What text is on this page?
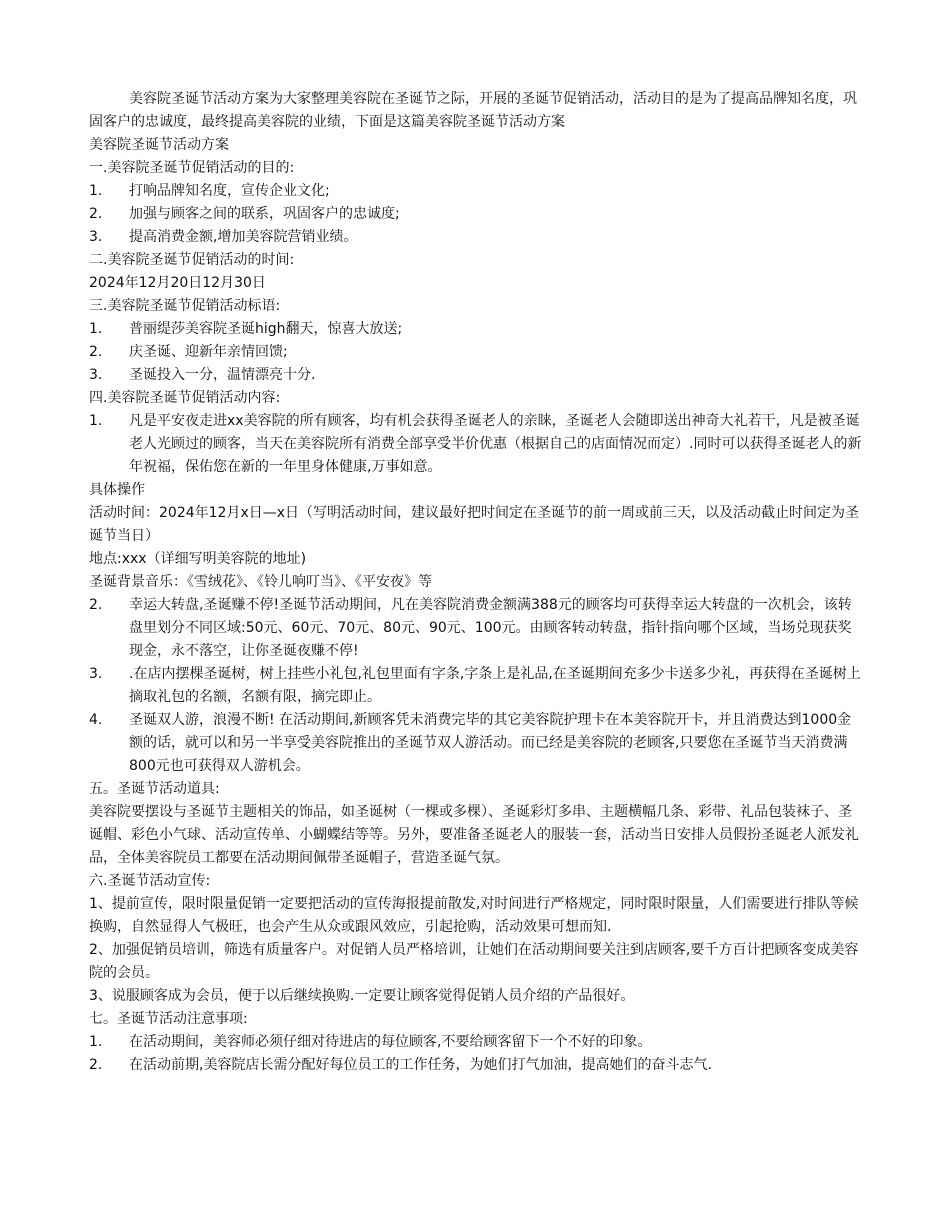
美容院圣诞节活动方案为大家整理美容院在圣诞节之际，开展的圣诞节促销活动，活动目的是为了提高品牌知名度，巩固客户的忠诚度，最终提高美容院的业绩，下面是这篇美容院圣诞节活动方案

美容院圣诞节活动方案

一.美容院圣诞节促销活动的目的:

1.	打响品牌知名度，宣传企业文化;
2.	加强与顾客之间的联系，巩固客户的忠诚度;
3.	提高消费金额,增加美容院营销业绩。

二.美容院圣诞节促销活动的时间:

2024年12月20日12月30日

三.美容院圣诞节促销活动标语:

1.	普丽缇莎美容院圣诞high翻天，惊喜大放送;
2.	庆圣诞、迎新年亲情回馈;
3.	圣诞投入一分，温情漂亮十分.

四.美容院圣诞节促销活动内容:

1.	凡是平安夜走进xx美容院的所有顾客，均有机会获得圣诞老人的亲睐，圣诞老人会随即送出神奇大礼若干，凡是被圣诞老人光顾过的顾客，当天在美容院所有消费全部享受半价优惠（根据自己的店面情况而定）.同时可以获得圣诞老人的新年祝福，保佑您在新的一年里身体健康,万事如意。

具体操作

活动时间：2024年12月x日—x日（写明活动时间，建议最好把时间定在圣诞节的前一周或前三天，以及活动截止时间定为圣诞节当日）

地点:xxx（详细写明美容院的地址)

圣诞背景音乐：《雪绒花》、《铃儿响叮当》、《平安夜》等

2.	幸运大转盘,圣诞赚不停!圣诞节活动期间，凡在美容院消费金额满388元的顾客均可获得幸运大转盘的一次机会，该转盘里划分不同区域:50元、60元、70元、80元、90元、100元。由顾客转动转盘，指针指向哪个区域，当场兑现获奖现金，永不落空，让你圣诞夜赚不停!
3.	.在店内摆棵圣诞树，树上挂些小礼包,礼包里面有字条,字条上是礼品,在圣诞期间充多少卡送多少礼，再获得在圣诞树上摘取礼包的名额，名额有限，摘完即止。
4.	圣诞双人游，浪漫不断! 在活动期间,新顾客凭未消费完毕的其它美容院护理卡在本美容院开卡，并且消费达到1000金额的话，就可以和另一半享受美容院推出的圣诞节双人游活动。而已经是美容院的老顾客,只要您在圣诞节当天消费满800元也可获得双人游机会。

五。圣诞节活动道具:

美容院要摆设与圣诞节主题相关的饰品，如圣诞树（一棵或多棵）、圣诞彩灯多串、主题横幅几条、彩带、礼品包装袜子、圣诞帽、彩色小气球、活动宣传单、小蝴蝶结等等。另外，要准备圣诞老人的服装一套，活动当日安排人员假扮圣诞老人派发礼品，全体美容院员工都要在活动期间佩带圣诞帽子，营造圣诞气氛。

六.圣诞节活动宣传:

1、提前宣传，限时限量促销一定要把活动的宣传海报提前散发,对时间进行严格规定，同时限时限量，人们需要进行排队等候换购，自然显得人气极旺，也会产生从众或跟风效应，引起抢购，活动效果可想而知.

2、加强促销员培训，筛选有质量客户。对促销人员严格培训，让她们在活动期间要关注到店顾客,要千方百计把顾客变成美容院的会员。

3、说服顾客成为会员，便于以后继续换购.一定要让顾客觉得促销人员介绍的产品很好。

七。圣诞节活动注意事项:

1.	在活动期间，美容师必须仔细对待进店的每位顾客,不要给顾客留下一个不好的印象。
2.	在活动前期,美容院店长需分配好每位员工的工作任务，为她们打气加油，提高她们的奋斗志气.
